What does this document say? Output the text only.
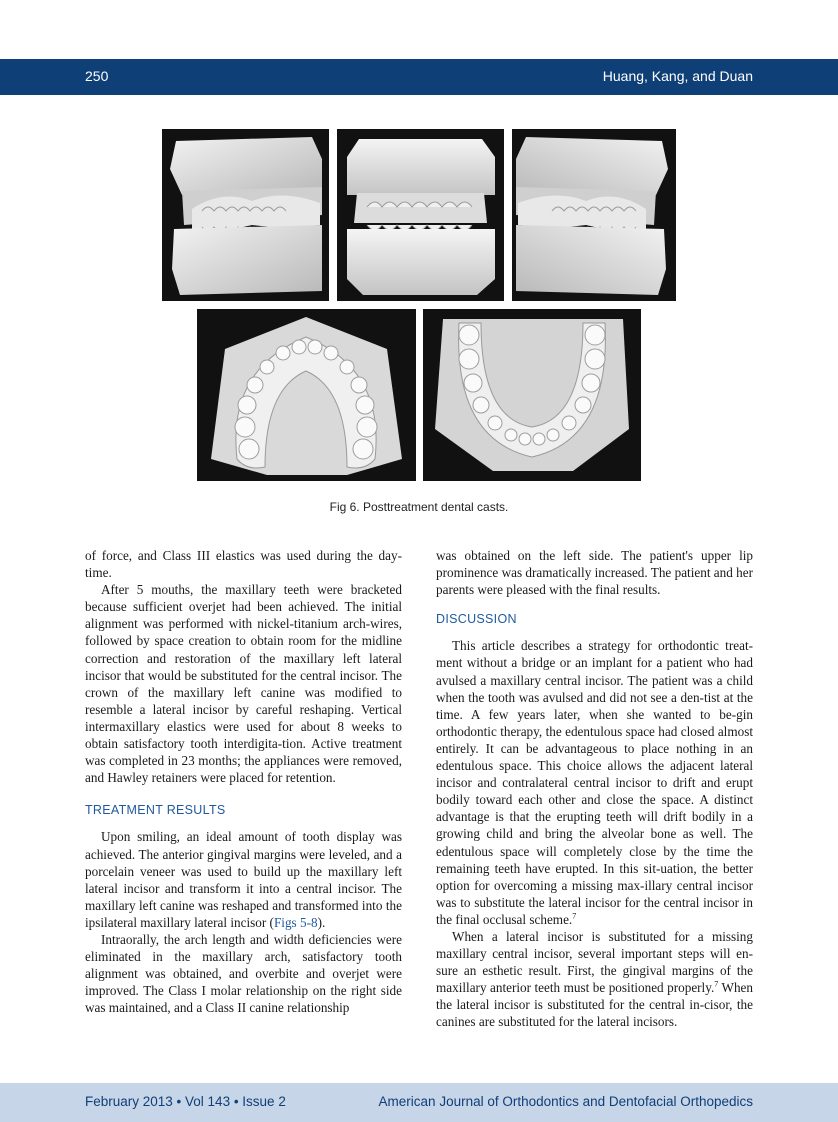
250	Huang, Kang, and Duan
Fig 6. Posttreatment dental casts.

of force, and Class III elastics was used during the day-time.

After 5 mouths, the maxillary teeth were bracketed because sufficient overjet had been achieved. The initial alignment was performed with nickel-titanium arch-wires, followed by space creation to obtain room for the midline correction and restoration of the maxillary left lateral incisor that would be substituted for the central incisor. The crown of the maxillary left canine was modified to resemble a lateral incisor by careful reshaping. Vertical intermaxillary elastics were used for about 8 weeks to obtain satisfactory tooth interdigita-tion. Active treatment was completed in 23 months; the appliances were removed, and Hawley retainers were placed for retention.

TREATMENT RESULTS

Upon smiling, an ideal amount of tooth display was achieved. The anterior gingival margins were leveled, and a porcelain veneer was used to build up the maxillary left lateral incisor and transform it into a central incisor. The maxillary left canine was reshaped and transformed into the ipsilateral maxillary lateral incisor (Figs 5-8).

Intraorally, the arch length and width deficiencies were eliminated in the maxillary arch, satisfactory tooth alignment was obtained, and overbite and overjet were improved. The Class I molar relationship on the right side was maintained, and a Class II canine relationship

was obtained on the left side. The patient's upper lip prominence was dramatically increased. The patient and her parents were pleased with the final results.

DISCUSSION

This article describes a strategy for orthodontic treat-ment without a bridge or an implant for a patient who had avulsed a maxillary central incisor. The patient was a child when the tooth was avulsed and did not see a den-tist at the time. A few years later, when she wanted to be-gin orthodontic therapy, the edentulous space had closed almost entirely. It can be advantageous to place nothing in an edentulous space. This choice allows the adjacent lateral incisor and contralateral central incisor to drift and erupt bodily toward each other and close the space. A distinct advantage is that the erupting teeth will drift bodily in a growing child and bring the alveolar bone as well. The edentulous space will completely close by the time the remaining teeth have erupted. In this sit-uation, the better option for overcoming a missing max-illary central incisor was to substitute the lateral incisor for the central incisor in the final occlusal scheme.$^7$

When a lateral incisor is substituted for a missing maxillary central incisor, several important steps will en-sure an esthetic result. First, the gingival margins of the maxillary anterior teeth must be positioned properly.$^7$ When the lateral incisor is substituted for the central in-cisor, the canines are substituted for the lateral incisors.

February 2013 • Vol 143 • Issue 2	American Journal of Orthodontics and Dentofacial Orthopedics
